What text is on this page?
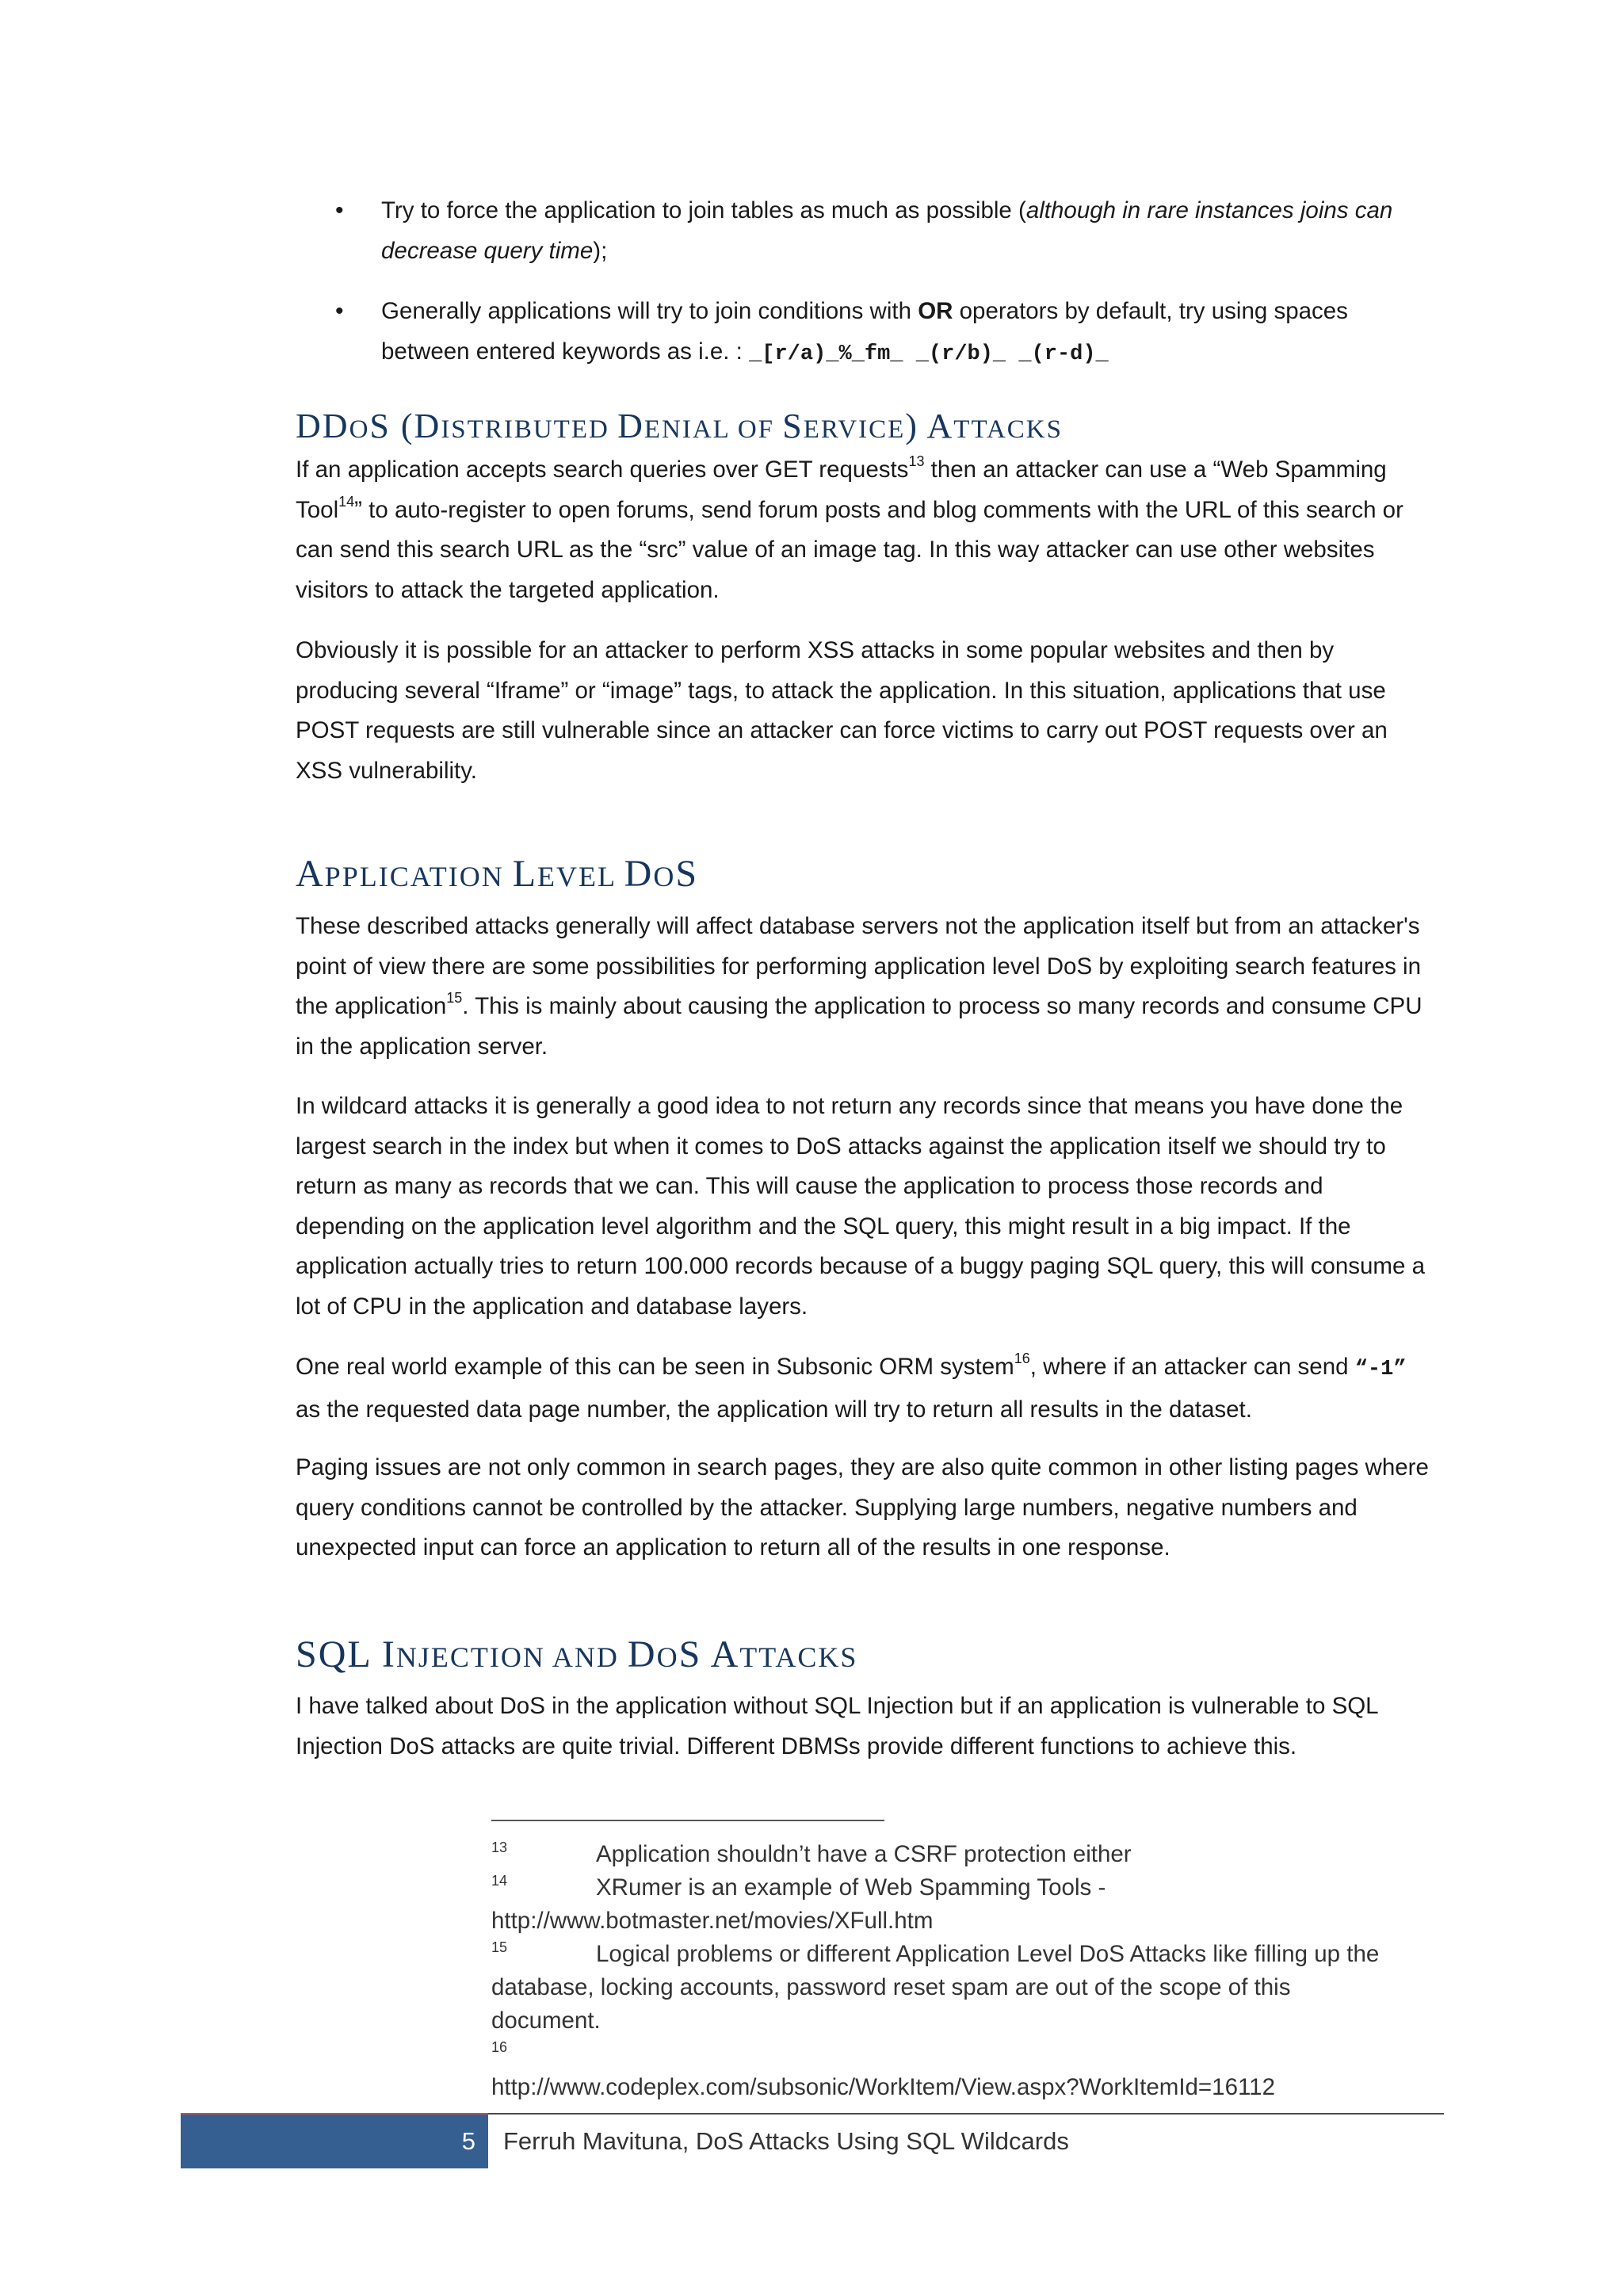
• Try to force the application to join tables as much as possible (although in rare instances joins can decrease query time);

• Generally applications will try to join conditions with OR operators by default, try using spaces between entered keywords as i.e. : _[r/a)_%_fm_ _(r/b)_ _(r-d)_

DDOS (DISTRIBUTED DENIAL OF SERVICE) ATTACKS

If an application accepts search queries over GET requests$^{13}$ then an attacker can use a “Web Spamming Tool$^{14}$” to auto-register to open forums, send forum posts and blog comments with the URL of this search or can send this search URL as the “src” value of an image tag. In this way attacker can use other websites visitors to attack the targeted application.

Obviously it is possible for an attacker to perform XSS attacks in some popular websites and then by producing several “Iframe” or “image” tags, to attack the application. In this situation, applications that use POST requests are still vulnerable since an attacker can force victims to carry out POST requests over an XSS vulnerability.

APPLICATION LEVEL DOS

These described attacks generally will affect database servers not the application itself but from an attacker's point of view there are some possibilities for performing application level DoS by exploiting search features in the application$^{15}$. This is mainly about causing the application to process so many records and consume CPU in the application server.

In wildcard attacks it is generally a good idea to not return any records since that means you have done the largest search in the index but when it comes to DoS attacks against the application itself we should try to return as many as records that we can. This will cause the application to process those records and depending on the application level algorithm and the SQL query, this might result in a big impact. If the application actually tries to return 100.000 records because of a buggy paging SQL query, this will consume a lot of CPU in the application and database layers.

One real world example of this can be seen in Subsonic ORM system$^{16}$, where if an attacker can send “-1” as the requested data page number, the application will try to return all results in the dataset.

Paging issues are not only common in search pages, they are also quite common in other listing pages where query conditions cannot be controlled by the attacker. Supplying large numbers, negative numbers and unexpected input can force an application to return all of the results in one response.

SQL INJECTION AND DOS ATTACKS

I have talked about DoS in the application without SQL Injection but if an application is vulnerable to SQL Injection DoS attacks are quite trivial. Different DBMSs provide different functions to achieve this.

13	Application shouldn’t have a CSRF protection either
14	XRumer is an example of Web Spamming Tools - http://www.botmaster.net/movies/XFull.htm
15	Logical problems or different Application Level DoS Attacks like filling up the database, locking accounts, password reset spam are out of the scope of this document.
16
http://www.codeplex.com/subsonic/WorkItem/View.aspx?WorkItemId=16112
5 Ferruh Mavituna, DoS Attacks Using SQL Wildcards
